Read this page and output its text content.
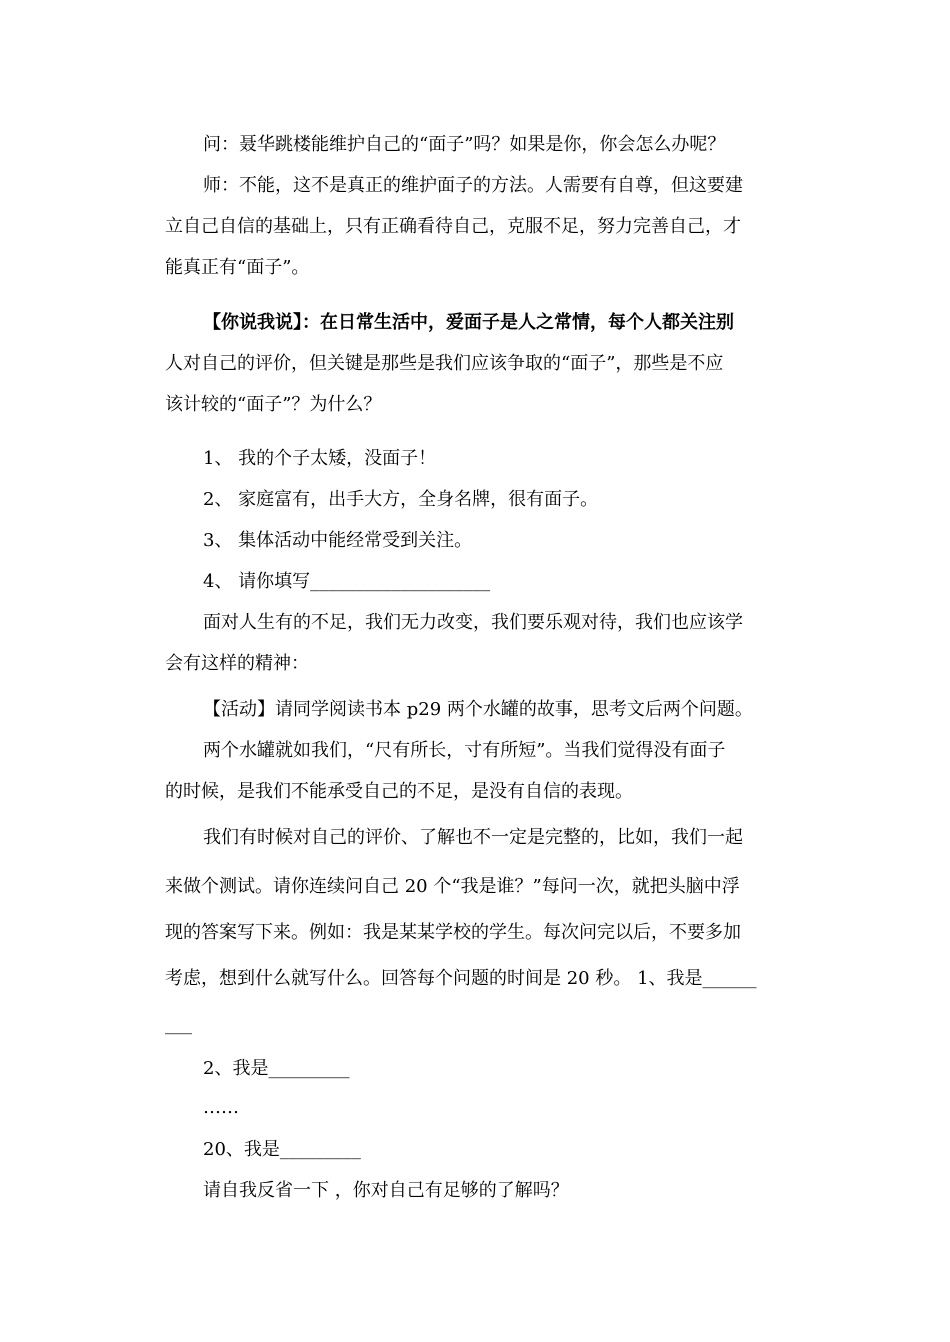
问：聂华跳楼能维护自己的“面子”吗？如果是你，你会怎么办呢？
师：不能，这不是真正的维护面子的方法。人需要有自尊，但这要建
立自己自信的基础上，只有正确看待自己，克服不足，努力完善自己，才
能真正有“面子”。
【你说我说】：在日常生活中，爱面子是人之常情，每个人都关注别
人对自己的评价，但关键是那些是我们应该争取的“面子”，那些是不应
该计较的“面子”？为什么？
1、 我的个子太矮，没面子！
2、 家庭富有，出手大方，全身名牌，很有面子。
3、 集体活动中能经常受到关注。
4、 请你填写____________________
面对人生有的不足，我们无力改变，我们要乐观对待，我们也应该学
会有这样的精神：
【活动】请同学阅读书本 p29 两个水罐的故事，思考文后两个问题。
两个水罐就如我们，“尺有所长，寸有所短”。当我们觉得没有面子
的时候，是我们不能承受自己的不足，是没有自信的表现。
我们有时候对自己的评价、了解也不一定是完整的，比如，我们一起
来做个测试。请你连续问自己 20 个“我是谁？”每问一次，就把头脑中浮
现的答案写下来。例如：我是某某学校的学生。每次问完以后，不要多加
考虑，想到什么就写什么。回答每个问题的时间是 20 秒。 1、我是______
___
2、我是_________
……
20、我是_________
请自我反省一下 ，你对自己有足够的了解吗？
